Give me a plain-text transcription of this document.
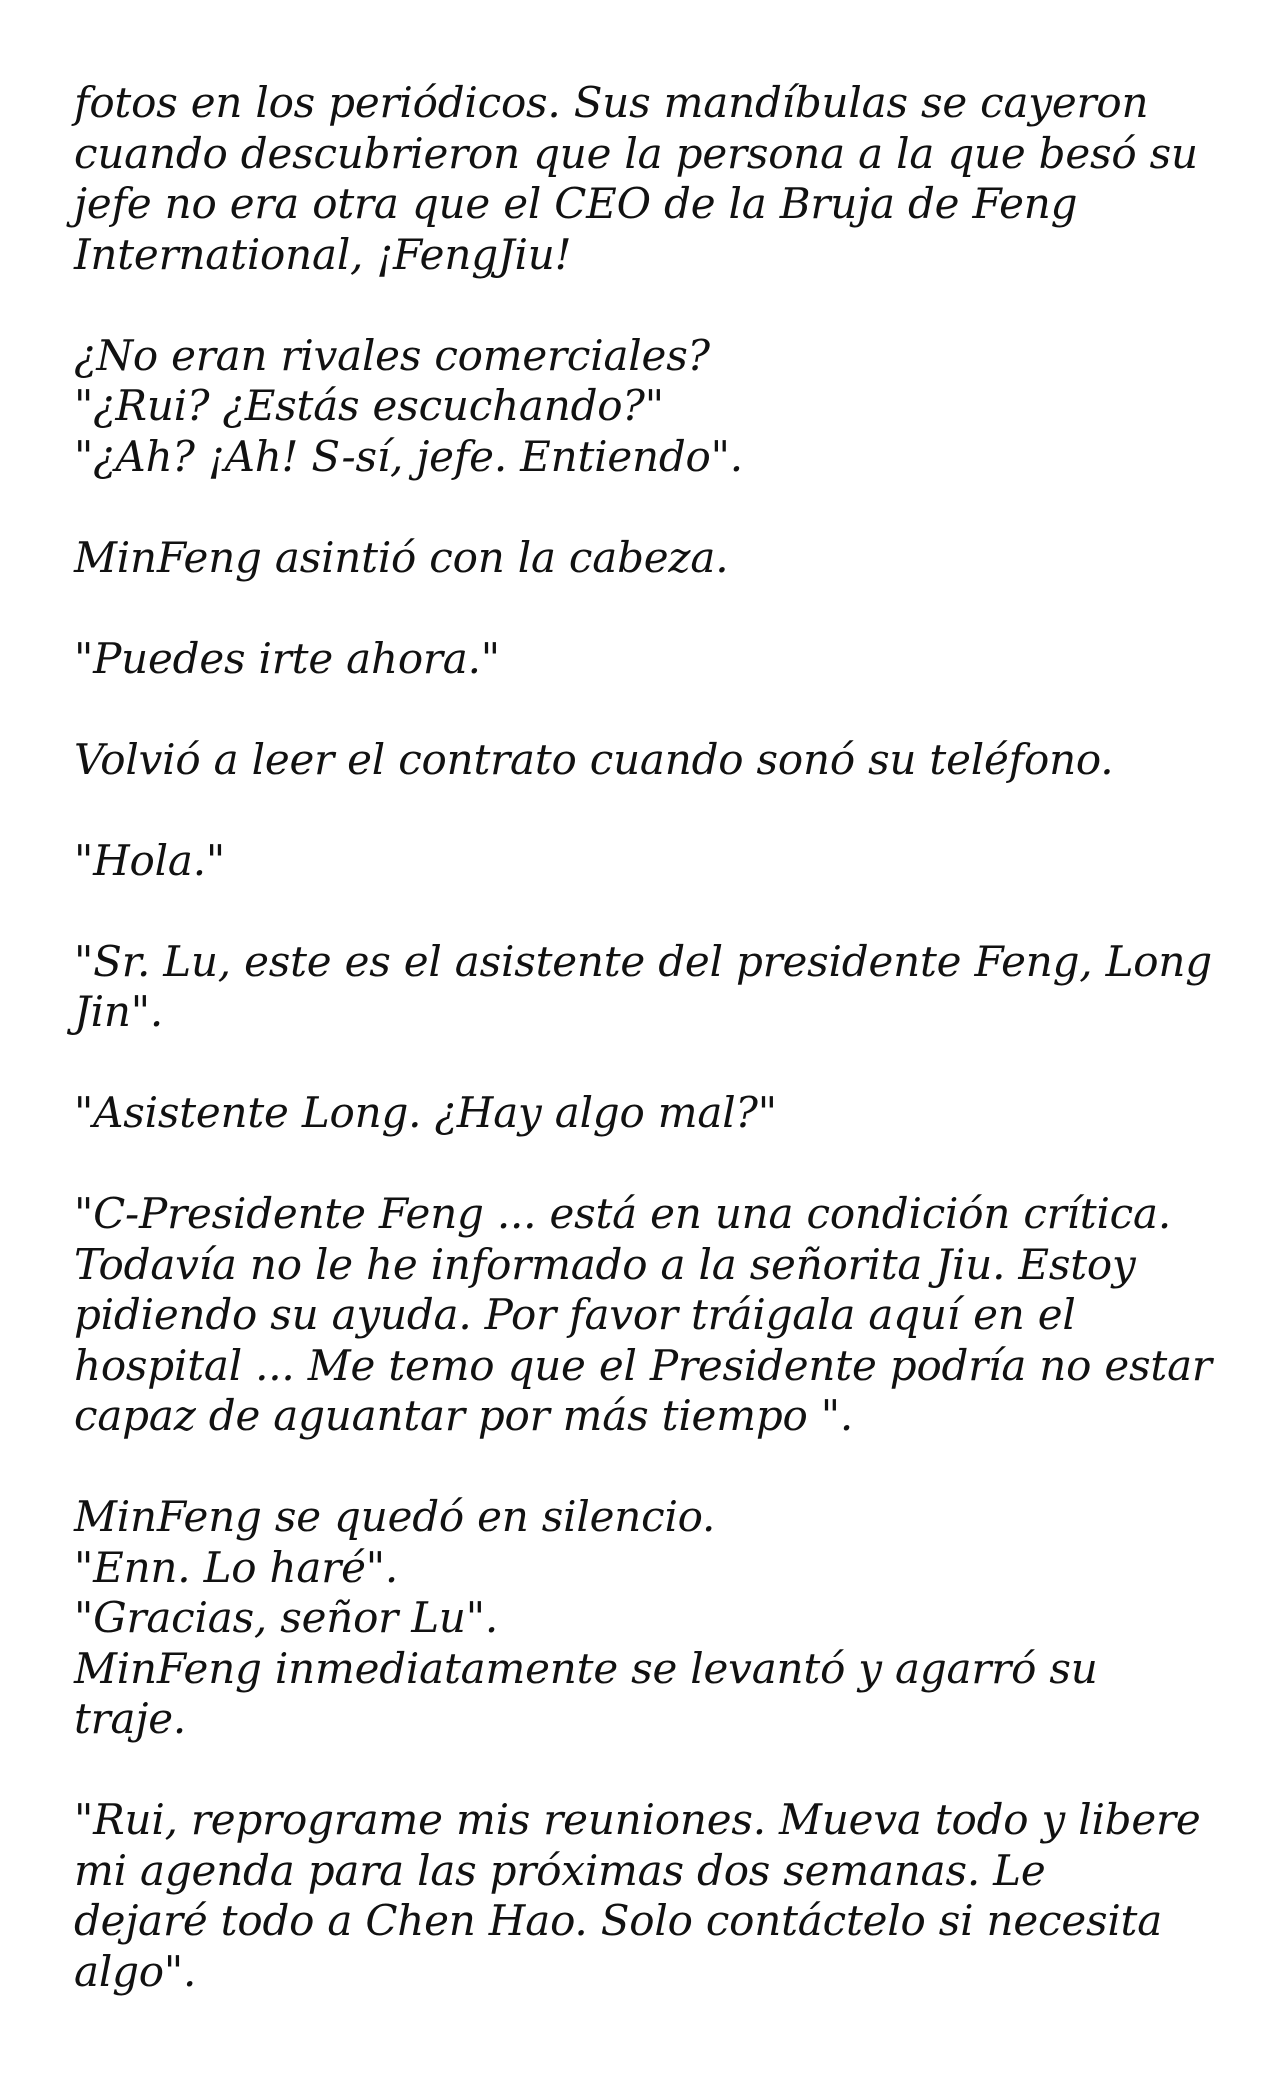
fotos en los periódicos. Sus mandíbulas se cayeron
cuando descubrieron que la persona a la que besó su
jefe no era otra que el CEO de la Bruja de Feng
International, ¡FengJiu!

¿No eran rivales comerciales?
"¿Rui? ¿Estás escuchando?"
"¿Ah? ¡Ah! S-sí, jefe. Entiendo".

MinFeng asintió con la cabeza.

"Puedes irte ahora."

Volvió a leer el contrato cuando sonó su teléfono.

"Hola."

"Sr. Lu, este es el asistente del presidente Feng, Long
Jin".

"Asistente Long. ¿Hay algo mal?"

"C-Presidente Feng ... está en una condición crítica.
Todavía no le he informado a la señorita Jiu. Estoy
pidiendo su ayuda. Por favor tráigala aquí en el
hospital ... Me temo que el Presidente podría no estar
capaz de aguantar por más tiempo ".

MinFeng se quedó en silencio.
"Enn. Lo haré".
"Gracias, señor Lu".
MinFeng inmediatamente se levantó y agarró su
traje.

"Rui, reprograme mis reuniones. Mueva todo y libere
mi agenda para las próximas dos semanas. Le
dejaré todo a Chen Hao. Solo contáctelo si necesita
algo".
